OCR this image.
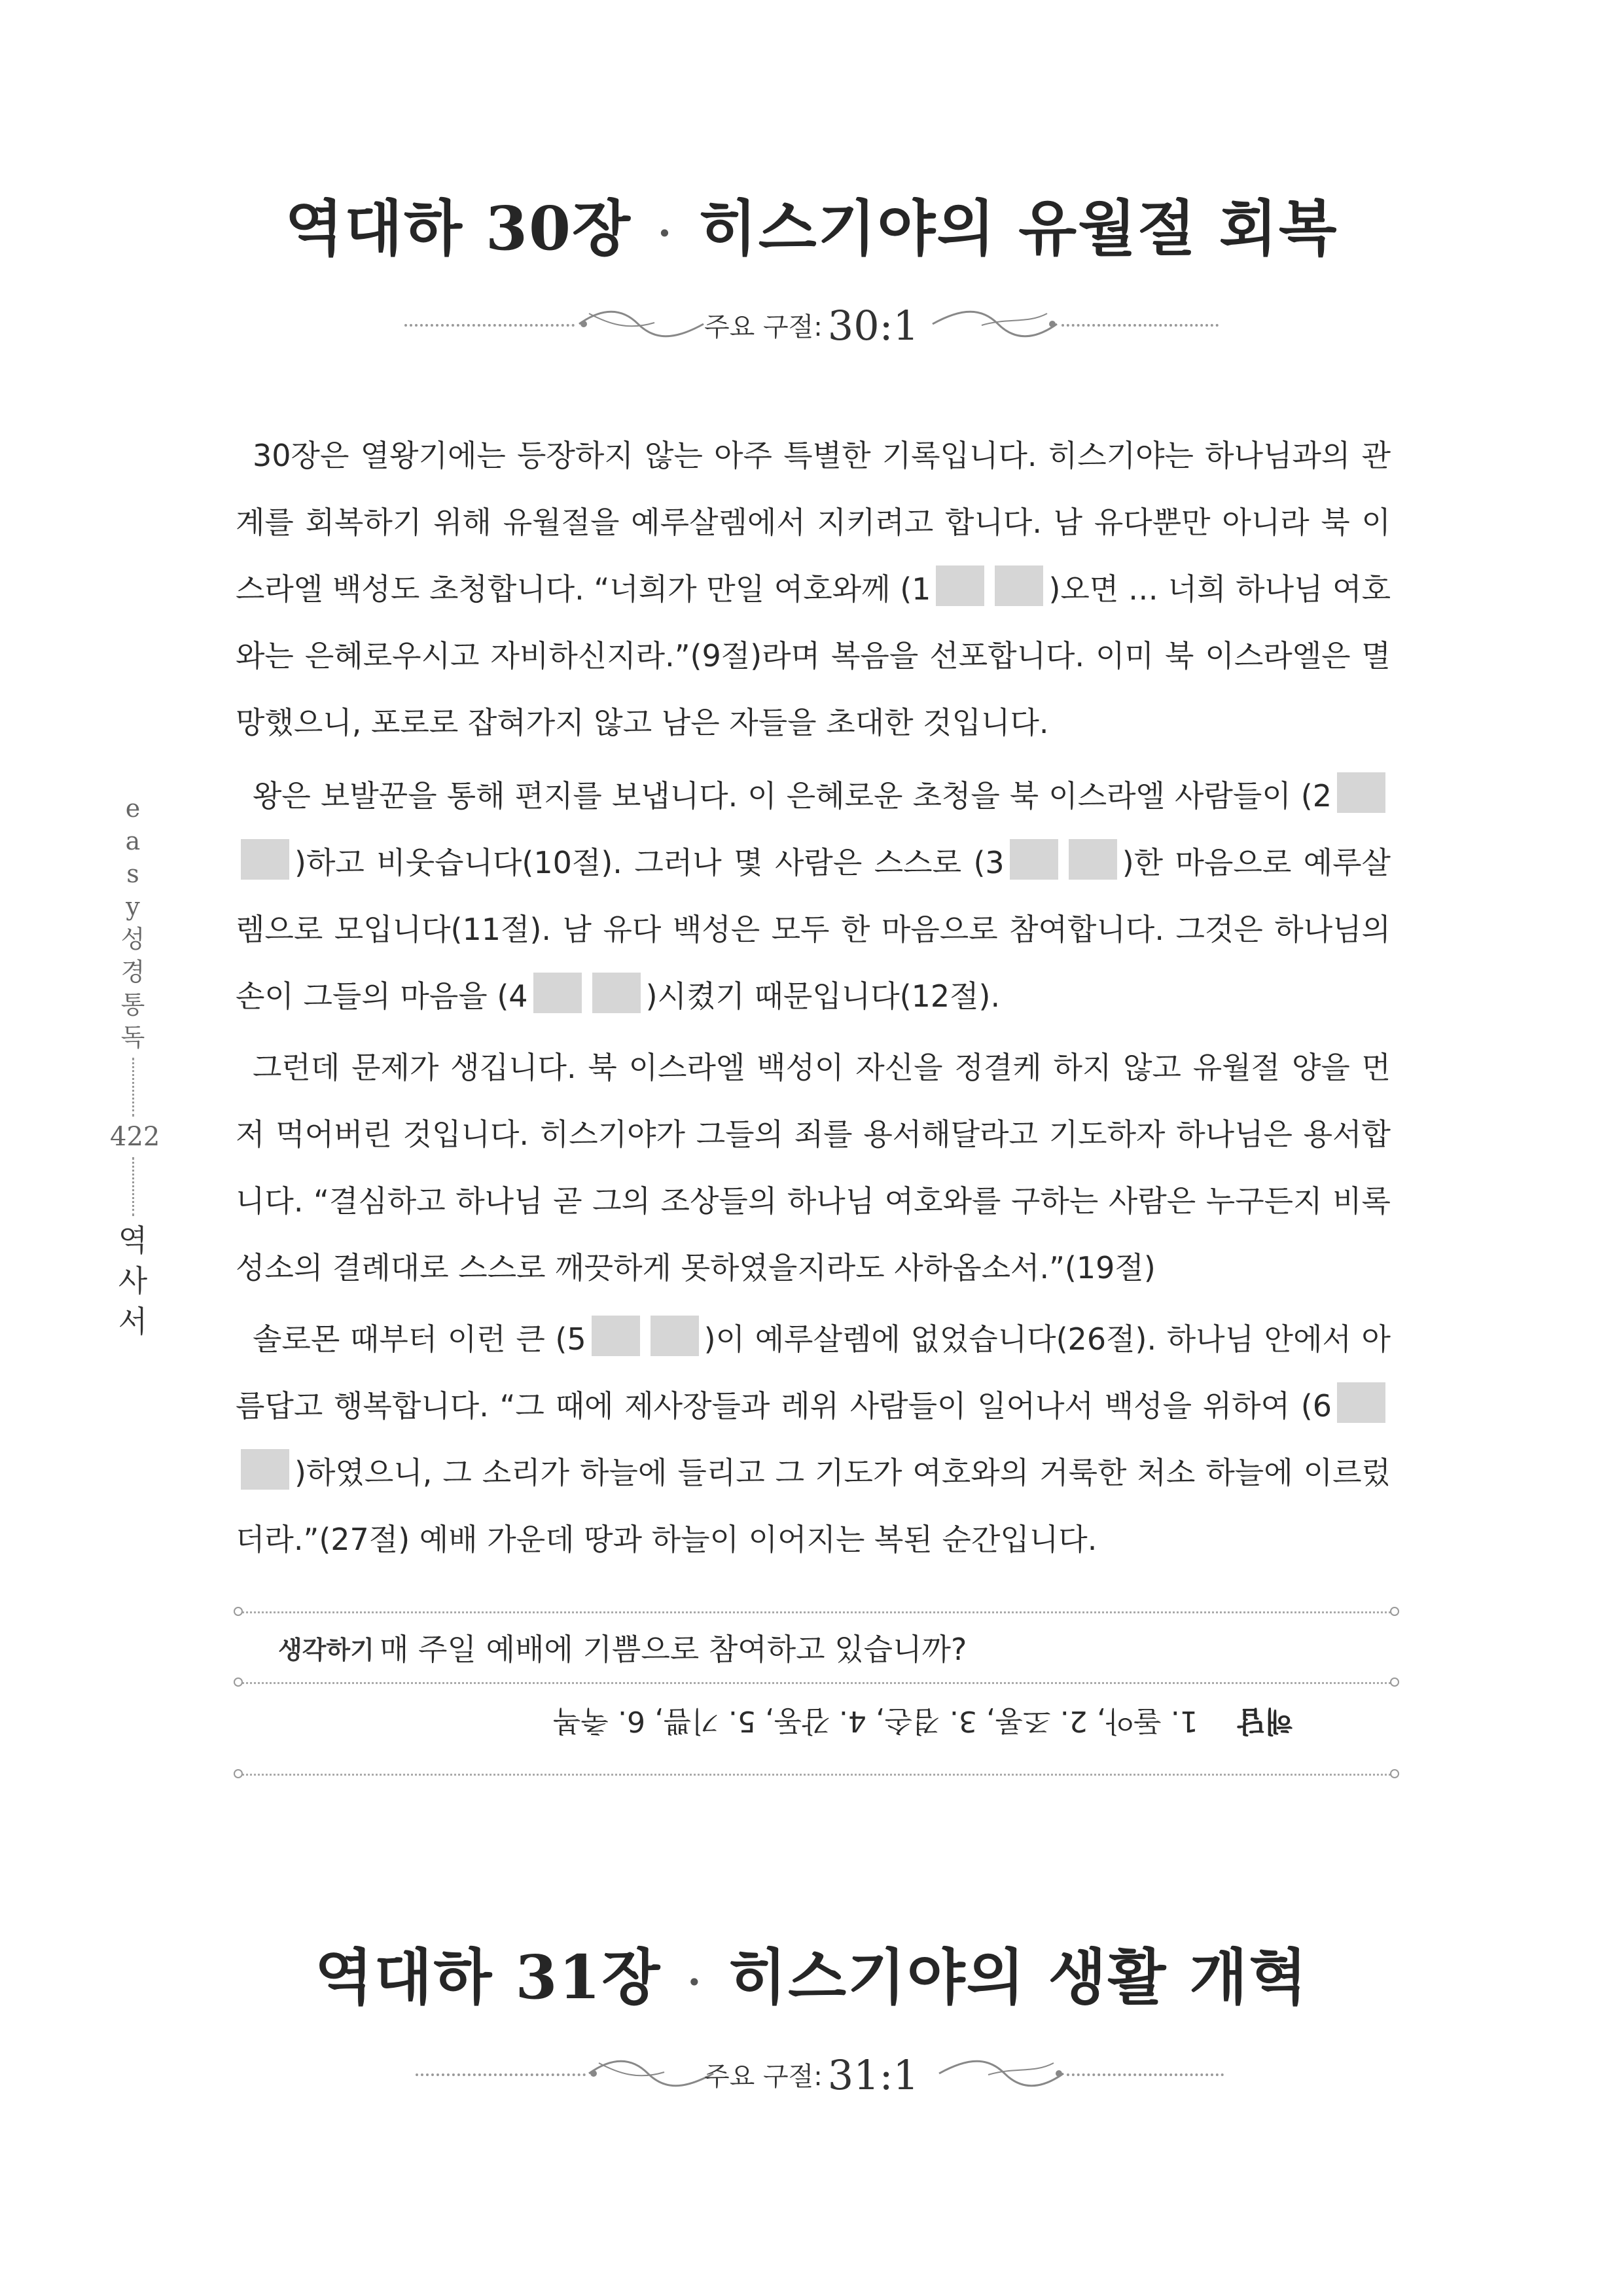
역대하 30장 · 히스기야의 유월절 회복
주요 구절: 30:1
e
a
s
y
성
경
통
독
422
역
사
서

30장은 열왕기에는 등장하지 않는 아주 특별한 기록입니다. 히스기야는 하나님과의 관계를 회복하기 위해 유월절을 예루살렘에서 지키려고 합니다. 남 유다뿐만 아니라 북 이스라엘 백성도 초청합니다. “너희가 만일 여호와께 (1	)오면 … 너희 하나님 여호와는 은혜로우시고 자비하신지라.”(9절)라며 복음을 선포합니다. 이미 북 이스라엘은 멸망했으니, 포로로 잡혀가지 않고 남은 자들을 초대한 것입니다.

왕은 보발꾼을 통해 편지를 보냅니다. 이 은혜로운 초청을 북 이스라엘 사람들이 (2)하고 비웃습니다(10절). 그러나 몇 사람은 스스로 (3	)한 마음으로 예루살렘으로 모입니다(11절). 남 유다 백성은 모두 한 마음으로 참여합니다. 그것은 하나님의 손이 그들의 마음을 (4	)시켰기 때문입니다(12절).

그런데 문제가 생깁니다. 북 이스라엘 백성이 자신을 정결케 하지 않고 유월절 양을 먼저 먹어버린 것입니다. 히스기야가 그들의 죄를 용서해달라고 기도하자 하나님은 용서합니다. “결심하고 하나님 곧 그의 조상들의 하나님 여호와를 구하는 사람은 누구든지 비록 성소의 결례대로 스스로 깨끗하게 못하였을지라도 사하옵소서.”(19절)

솔로몬 때부터 이런 큰 (5	)이 예루살렘에 없었습니다(26절). 하나님 안에서 아름답고 행복합니다. “그 때에 제사장들과 레위 사람들이 일어나서 백성을 위하여 (6)하였으니, 그 소리가 하늘에 들리고 그 기도가 여호와의 거룩한 처소 하늘에 이르렀더라.”(27절) 예배 가운데 땅과 하늘이 이어지는 복된 순간입니다.

생각하기 매 주일 예배에 기쁨으로 참여하고 있습니까?
해답1. 돌아, 2. 조롱, 3. 겸손, 4. 감동, 5. 기쁨, 6. 축복
역대하 31장 · 히스기야의 생활 개혁
주요 구절: 31:1
